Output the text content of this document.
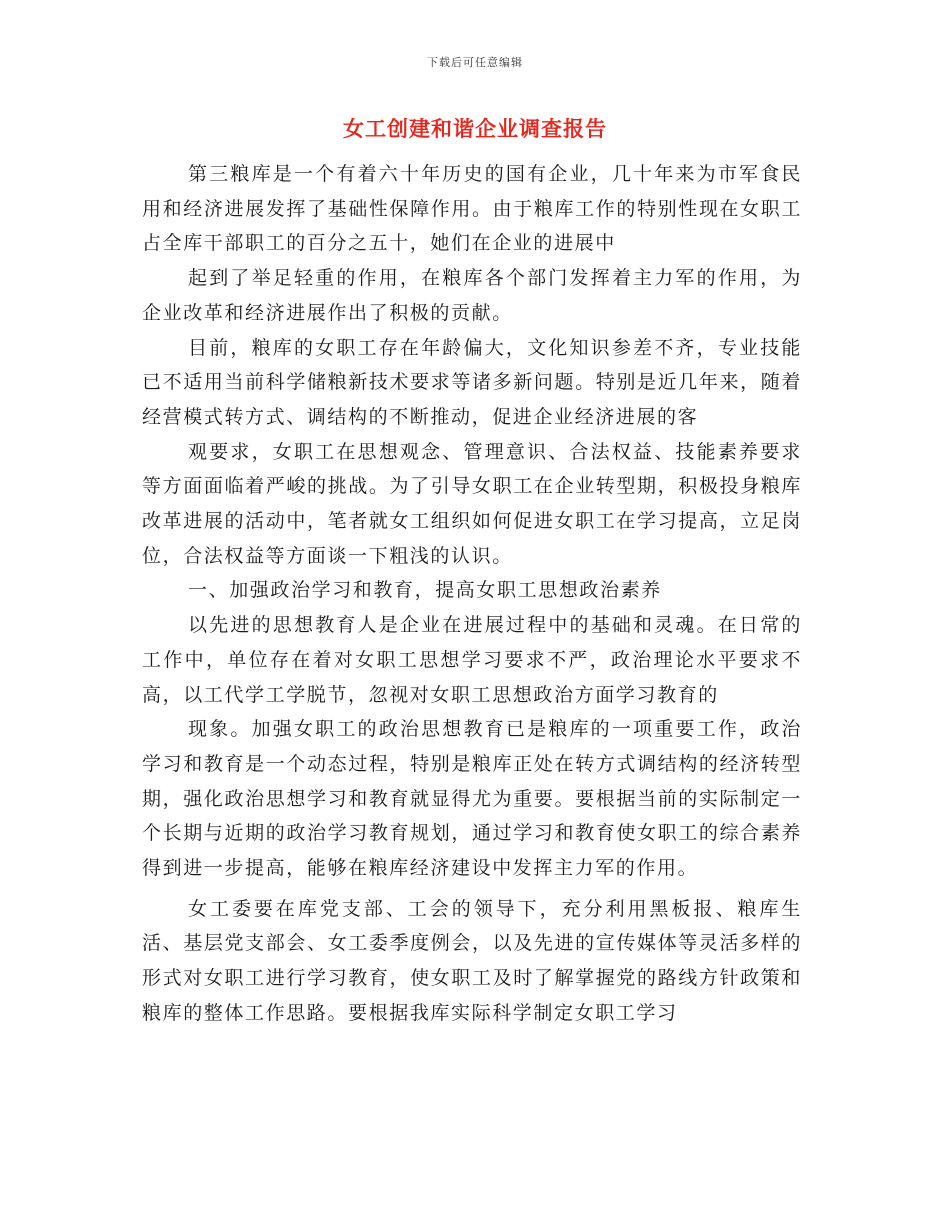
下载后可任意编辑
女工创建和谐企业调查报告

第三粮库是一个有着六十年历史的国有企业，几十年来为市军食民用和经济进展发挥了基础性保障作用。由于粮库工作的特别性现在女职工占全库干部职工的百分之五十，她们在企业的进展中

起到了举足轻重的作用，在粮库各个部门发挥着主力军的作用，为企业改革和经济进展作出了积极的贡献。

目前，粮库的女职工存在年龄偏大，文化知识参差不齐，专业技能已不适用当前科学储粮新技术要求等诸多新问题。特别是近几年来，随着经营模式转方式、调结构的不断推动，促进企业经济进展的客

观要求，女职工在思想观念、管理意识、合法权益、技能素养要求等方面面临着严峻的挑战。为了引导女职工在企业转型期，积极投身粮库改革进展的活动中，笔者就女工组织如何促进女职工在学习提高，立足岗位，合法权益等方面谈一下粗浅的认识。

一、加强政治学习和教育，提高女职工思想政治素养

以先进的思想教育人是企业在进展过程中的基础和灵魂。在日常的工作中，单位存在着对女职工思想学习要求不严，政治理论水平要求不高，以工代学工学脱节，忽视对女职工思想政治方面学习教育的

现象。加强女职工的政治思想教育已是粮库的一项重要工作，政治学习和教育是一个动态过程，特别是粮库正处在转方式调结构的经济转型期，强化政治思想学习和教育就显得尤为重要。要根据当前的实际制定一个长期与近期的政治学习教育规划，通过学习和教育使女职工的综合素养得到进一步提高，能够在粮库经济建设中发挥主力军的作用。

女工委要在库党支部、工会的领导下，充分利用黑板报、粮库生活、基层党支部会、女工委季度例会，以及先进的宣传媒体等灵活多样的形式对女职工进行学习教育，使女职工及时了解掌握党的路线方针政策和粮库的整体工作思路。要根据我库实际科学制定女职工学习
